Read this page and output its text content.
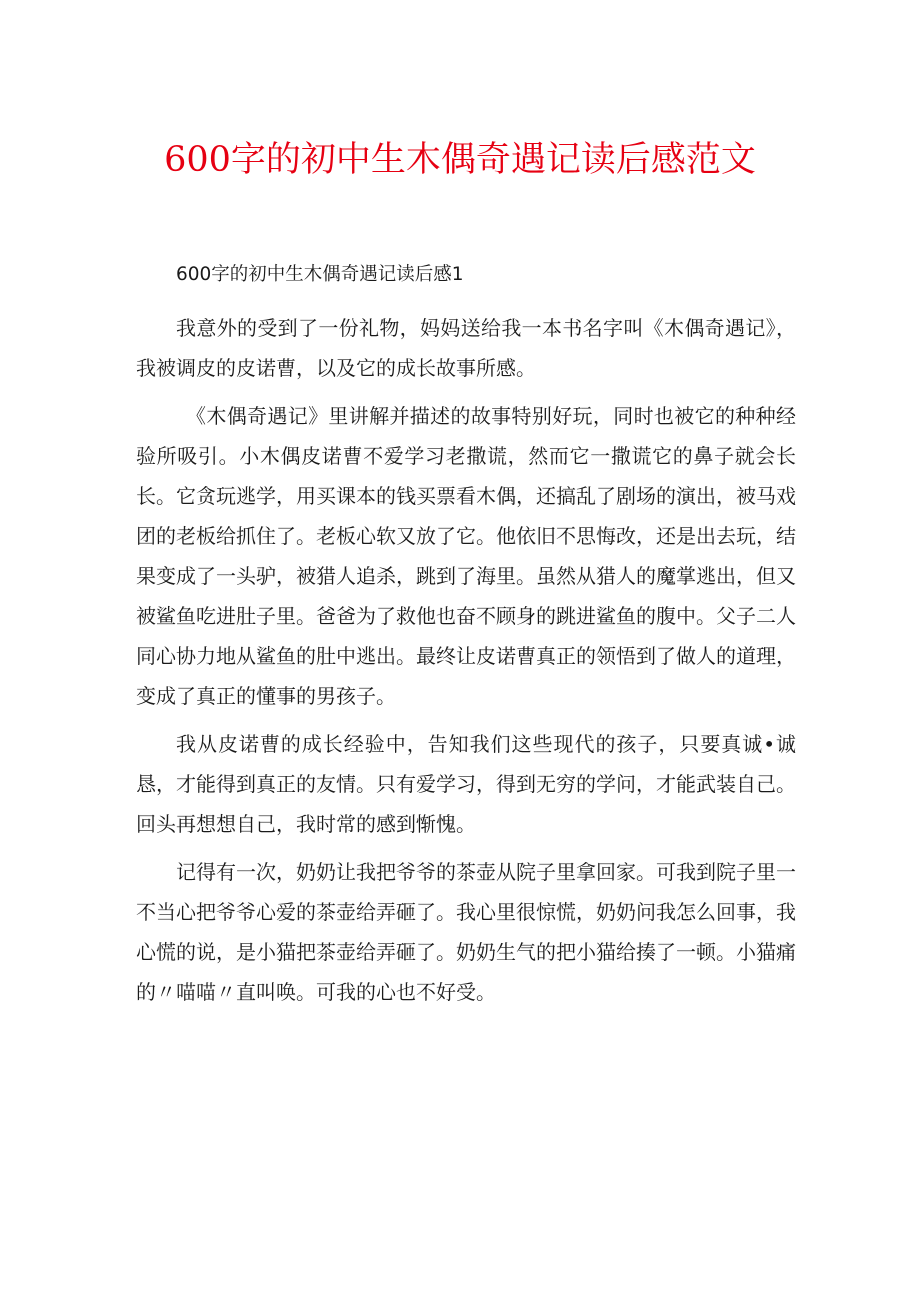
600字的初中生木偶奇遇记读后感范文

600字的初中生木偶奇遇记读后感1

我意外的受到了一份礼物，妈妈送给我一本书名字叫《木偶奇遇记》，我被调皮的皮诺曹，以及它的成长故事所感。

《木偶奇遇记》里讲解并描述的故事特别好玩，同时也被它的种种经验所吸引。小木偶皮诺曹不爱学习老撒谎，然而它一撒谎它的鼻子就会长长。它贪玩逃学，用买课本的钱买票看木偶，还搞乱了剧场的演出，被马戏团的老板给抓住了。老板心软又放了它。他依旧不思悔改，还是出去玩，结果变成了一头驴，被猎人追杀，跳到了海里。虽然从猎人的魔掌逃出，但又被鲨鱼吃进肚子里。爸爸为了救他也奋不顾身的跳进鲨鱼的腹中。父子二人同心协力地从鲨鱼的肚中逃出。最终让皮诺曹真正的领悟到了做人的道理，变成了真正的懂事的男孩子。

我从皮诺曹的成长经验中，告知我们这些现代的孩子，只要真诚•诚恳，才能得到真正的友情。只有爱学习，得到无穷的学问，才能武装自己。回头再想想自己，我时常的感到惭愧。

记得有一次，奶奶让我把爷爷的茶壶从院子里拿回家。可我到院子里一不当心把爷爷心爱的茶壶给弄砸了。我心里很惊慌，奶奶问我怎么回事，我心慌的说，是小猫把茶壶给弄砸了。奶奶生气的把小猫给揍了一顿。小猫痛的〃喵喵〃直叫唤。可我的心也不好受。
